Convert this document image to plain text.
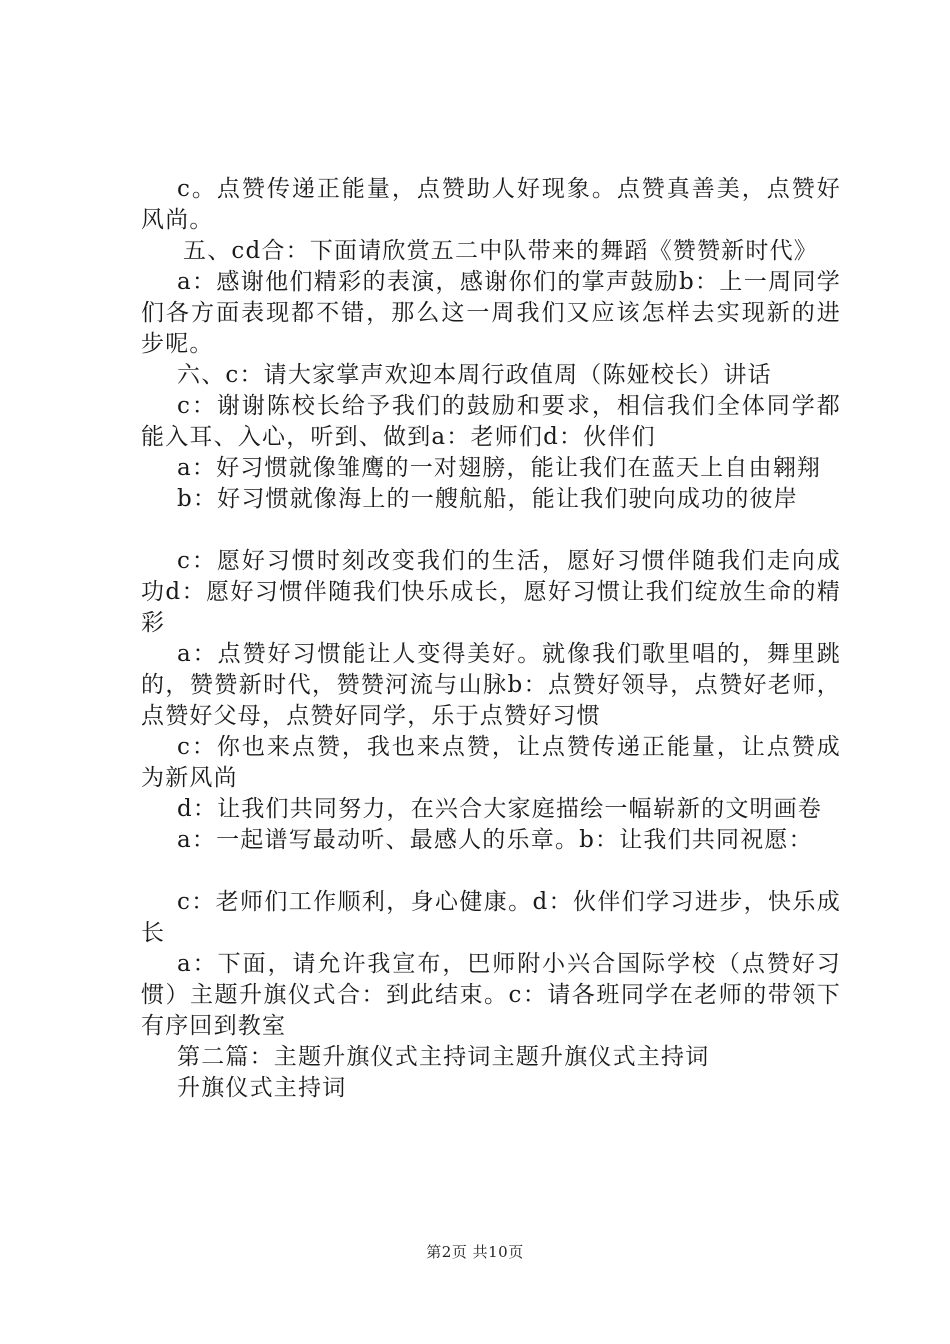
c。点赞传递正能量，点赞助人好现象。点赞真善美，点赞好风尚。

五、cd合：下面请欣赏五二中队带来的舞蹈《赞赞新时代》

a：感谢他们精彩的表演，感谢你们的掌声鼓励b：上一周同学们各方面表现都不错，那么这一周我们又应该怎样去实现新的进步呢。

六、c：请大家掌声欢迎本周行政值周（陈娅校长）讲话

c：谢谢陈校长给予我们的鼓励和要求，相信我们全体同学都能入耳、入心，听到、做到a：老师们d：伙伴们

a：好习惯就像雏鹰的一对翅膀，能让我们在蓝天上自由翱翔

b：好习惯就像海上的一艘航船，能让我们驶向成功的彼岸

c：愿好习惯时刻改变我们的生活，愿好习惯伴随我们走向成功d：愿好习惯伴随我们快乐成长，愿好习惯让我们绽放生命的精彩

a：点赞好习惯能让人变得美好。就像我们歌里唱的，舞里跳的，赞赞新时代，赞赞河流与山脉b：点赞好领导，点赞好老师，点赞好父母，点赞好同学，乐于点赞好习惯

c：你也来点赞，我也来点赞，让点赞传递正能量，让点赞成为新风尚

d：让我们共同努力，在兴合大家庭描绘一幅崭新的文明画卷

a：一起谱写最动听、最感人的乐章。b：让我们共同祝愿：

c：老师们工作顺利，身心健康。d：伙伴们学习进步，快乐成长

a：下面，请允许我宣布，巴师附小兴合国际学校（点赞好习惯）主题升旗仪式合：到此结束。c：请各班同学在老师的带领下有序回到教室

第二篇：主题升旗仪式主持词主题升旗仪式主持词

升旗仪式主持词

第2页 共10页
